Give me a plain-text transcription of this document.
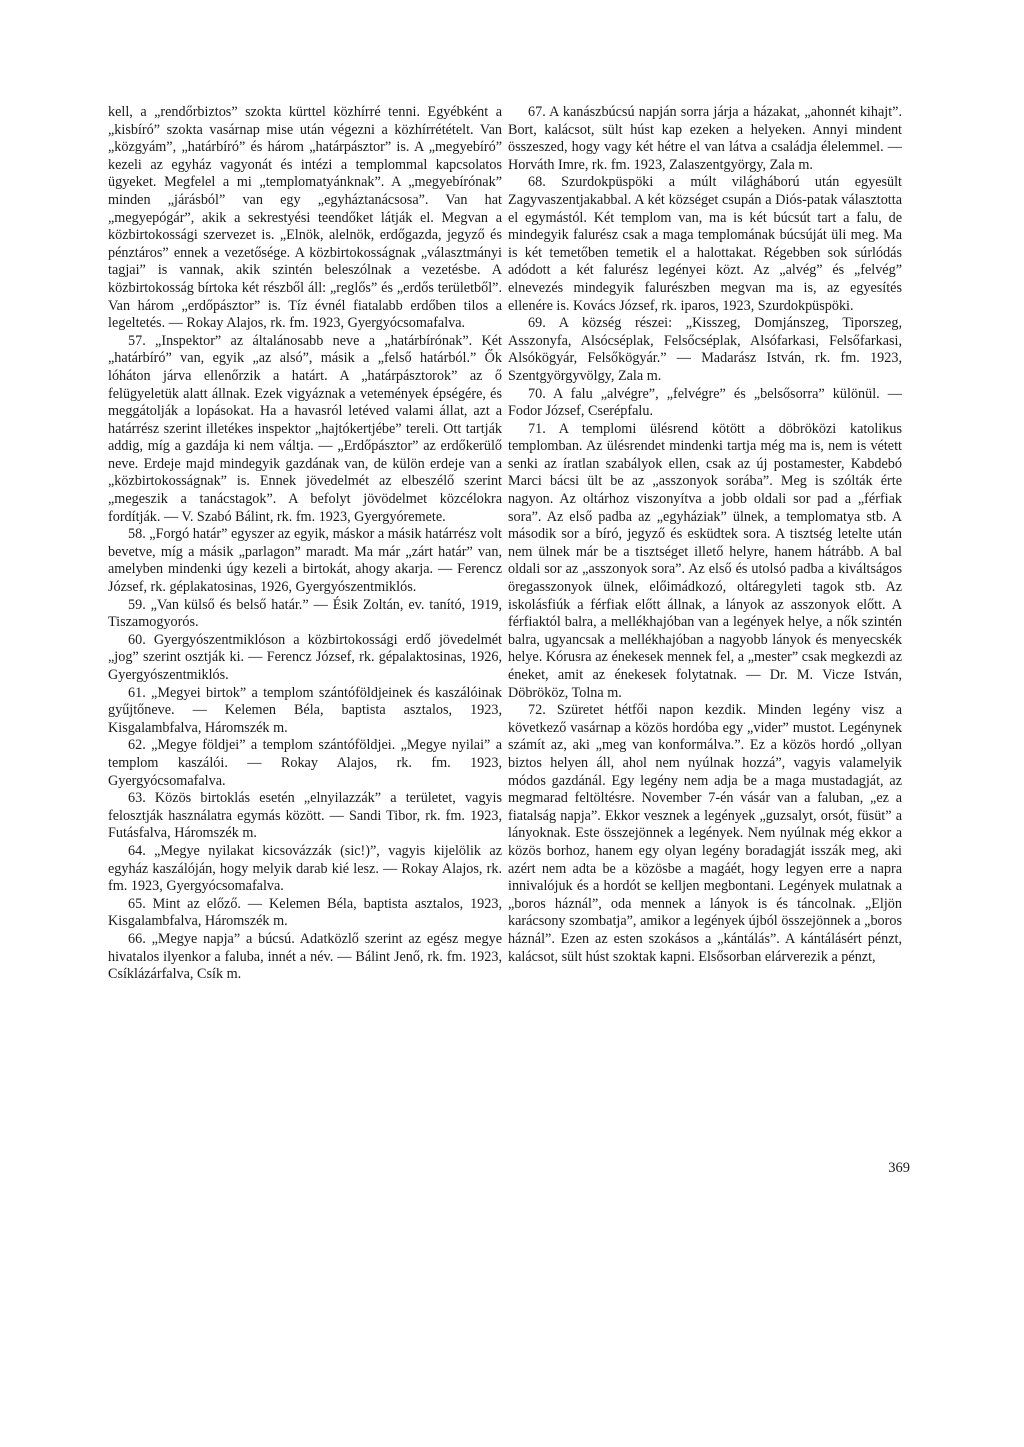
kell, a „rendőrbiztos” szokta kürttel közhírré tenni. Egyébként a „kisbíró” szokta vasárnap mise után végezni a közhírrétételt. Van „közgyám”, „határbíró” és három „határpásztor” is. A „megyebíró” kezeli az egyház vagyonát és intézi a templommal kapcsolatos ügyeket. Megfelel a mi „templomatyánknak”. A „megyebírónak” minden „járásból” van egy „egyháztanácsosa”. Van hat „megyepógár”, akik a sekrestyési teendőket látják el. Megvan a közbirtokossági szervezet is. „Elnök, alelnök, erdőgazda, jegyző és pénztáros” ennek a vezetősége. A közbirtokosságnak „választmányi tagjai” is vannak, akik szintén beleszólnak a vezetésbe. A közbirtokosság bírtoka két részből áll: „reglős” és „erdős területből”. Van három „erdőpásztor” is. Tíz évnél fiatalabb erdőben tilos a legeltetés. — Rokay Alajos, rk. fm. 1923, Gyergyócsomafalva.

57. „Inspektor” az általánosabb neve a „határbírónak”. Két „határbíró” van, egyik „az alsó”, másik a „felső határból.” Ők lóháton járva ellenőrzik a határt. A „határpásztorok” az ő felügyeletük alatt állnak. Ezek vigyáznak a vetemények épségére, és meggátolják a lopásokat. Ha a havasról letéved valami állat, azt a határrész szerint illetékes inspektor „hajtókertjébe” tereli. Ott tartják addig, míg a gazdája ki nem váltja. — „Erdőpásztor” az erdőkerülő neve. Erdeje majd mindegyik gazdának van, de külön erdeje van a „közbirtokosságnak” is. Ennek jövedelmét az elbeszélő szerint „megeszik a tanácstagok”. A befolyt jövödelmet közcélokra fordítják. — V. Szabó Bálint, rk. fm. 1923, Gyergyóremete.

58. „Forgó határ” egyszer az egyik, máskor a másik határrész volt bevetve, míg a másik „parlagon” maradt. Ma már „zárt határ” van, amelyben mindenki úgy kezeli a birtokát, ahogy akarja. — Ferencz József, rk. géplakatosinas, 1926, Gyergyószentmiklós.

59. „Van külső és belső határ.” — Ésik Zoltán, ev. tanító, 1919, Tiszamogyorós.

60. Gyergyószentmiklóson a közbirtokossági erdő jövedelmét „jog” szerint osztják ki. — Ferencz József, rk. gépalaktosinas, 1926, Gyergyószentmiklós.

61. „Megyei birtok” a templom szántóföldjeinek és kaszálóinak gyűjtőneve. — Kelemen Béla, baptista asztalos, 1923, Kisgalambfalva, Háromszék m.

62. „Megye földjei” a templom szántóföldjei. „Megye nyilai” a templom kaszálói. — Rokay Alajos, rk. fm. 1923, Gyergyócsomafalva.

63. Közös birtoklás esetén „elnyilazzák” a területet, vagyis felosztják használatra egymás között. — Sandi Tibor, rk. fm. 1923, Futásfalva, Háromszék m.

64. „Megye nyilakat kicsovázzák (sic!)”, vagyis kijelölik az egyház kaszálóján, hogy melyik darab kié lesz. — Rokay Alajos, rk. fm. 1923, Gyergyócsomafalva.

65. Mint az előző. — Kelemen Béla, baptista asztalos, 1923, Kisgalambfalva, Háromszék m.

66. „Megye napja” a búcsú. Adatközlő szerint az egész megye hivatalos ilyenkor a faluba, innét a név. — Bálint Jenő, rk. fm. 1923, Csíklázárfalva, Csík m.

67. A kanászbúcsú napján sorra járja a házakat, „ahonnét kihajt”. Bort, kalácsot, sült húst kap ezeken a helyeken. Annyi mindent összeszed, hogy vagy két hétre el van látva a családja élelemmel. — Horváth Imre, rk. fm. 1923, Zalaszentgyörgy, Zala m.

68. Szurdokpüspöki a múlt világháború után egyesült Zagyvaszentjakabbal. A két községet csupán a Diós-patak választotta el egymástól. Két templom van, ma is két búcsút tart a falu, de mindegyik falurész csak a maga templomának búcsúját üli meg. Ma is két temetőben temetik el a halottakat. Régebben sok súrlódás adódott a két falurész legényei közt. Az „alvég” és „felvég” elnevezés mindegyik falurészben megvan ma is, az egyesítés ellenére is. Kovács József, rk. iparos, 1923, Szurdokpüspöki.

69. A község részei: „Kisszeg, Domjánszeg, Tiporszeg, Asszonyfa, Alsócséplak, Felsőcséplak, Alsófarkasi, Felsőfarkasi, Alsókögyár, Felsőkögyár.” — Madarász István, rk. fm. 1923, Szentgyörgyvölgy, Zala m.

70. A falu „alvégre”, „felvégre” és „belsősorra” különül. — Fodor József, Cserépfalu.

71. A templomi ülésrend kötött a döbröközi katolikus templomban. Az ülésrendet mindenki tartja még ma is, nem is vétett senki az íratlan szabályok ellen, csak az új postamester, Kabdebó Marci bácsi ült be az „asszonyok sorába”. Meg is szólták érte nagyon. Az oltárhoz viszonyítva a jobb oldali sor pad a „férfiak sora”. Az első padba az „egyháziak” ülnek, a templomatya stb. A második sor a bíró, jegyző és esküdtek sora. A tisztség letelte után nem ülnek már be a tisztséget illető helyre, hanem hátrább. A bal oldali sor az „asszonyok sora”. Az első és utolsó padba a kiváltságos öregasszonyok ülnek, előimádkozó, oltáregyleti tagok stb. Az iskolásfiúk a férfiak előtt állnak, a lányok az asszonyok előtt. A férfiaktól balra, a mellékhajóban van a legények helye, a nők szintén balra, ugyancsak a mellékhajóban a nagyobb lányok és menyecskék helye. Kórusra az énekesek mennek fel, a „mester” csak megkezdi az éneket, amit az énekesek folytatnak. — Dr. M. Vicze István, Döbrököz, Tolna m.

72. Szüretet hétfői napon kezdik. Minden legény visz a következő vasárnap a közös hordóba egy „vider” mustot. Legénynek számít az, aki „meg van konformálva.”. Ez a közös hordó „ollyan biztos helyen áll, ahol nem nyúlnak hozzá”, vagyis valamelyik módos gazdánál. Egy legény nem adja be a maga mustadagját, az megmarad feltöltésre. November 7-én vásár van a faluban, „ez a fiatalság napja”. Ekkor vesznek a legények „guzsalyt, orsót, füsüt” a lányoknak. Este összejönnek a legények. Nem nyúlnak még ekkor a közös borhoz, hanem egy olyan legény boradagját isszák meg, aki azért nem adta be a közösbe a magáét, hogy legyen erre a napra innivalójuk és a hordót se kelljen megbontani. Legények mulatnak a „boros háznál”, oda mennek a lányok is és táncolnak. „Eljön karácsony szombatja”, amikor a legények újból összejönnek a „boros háznál”. Ezen az esten szokásos a „kántálás”. A kántálásért pénzt, kalácsot, sült húst szoktak kapni. Elsősorban elárverezik a pénzt,

369
